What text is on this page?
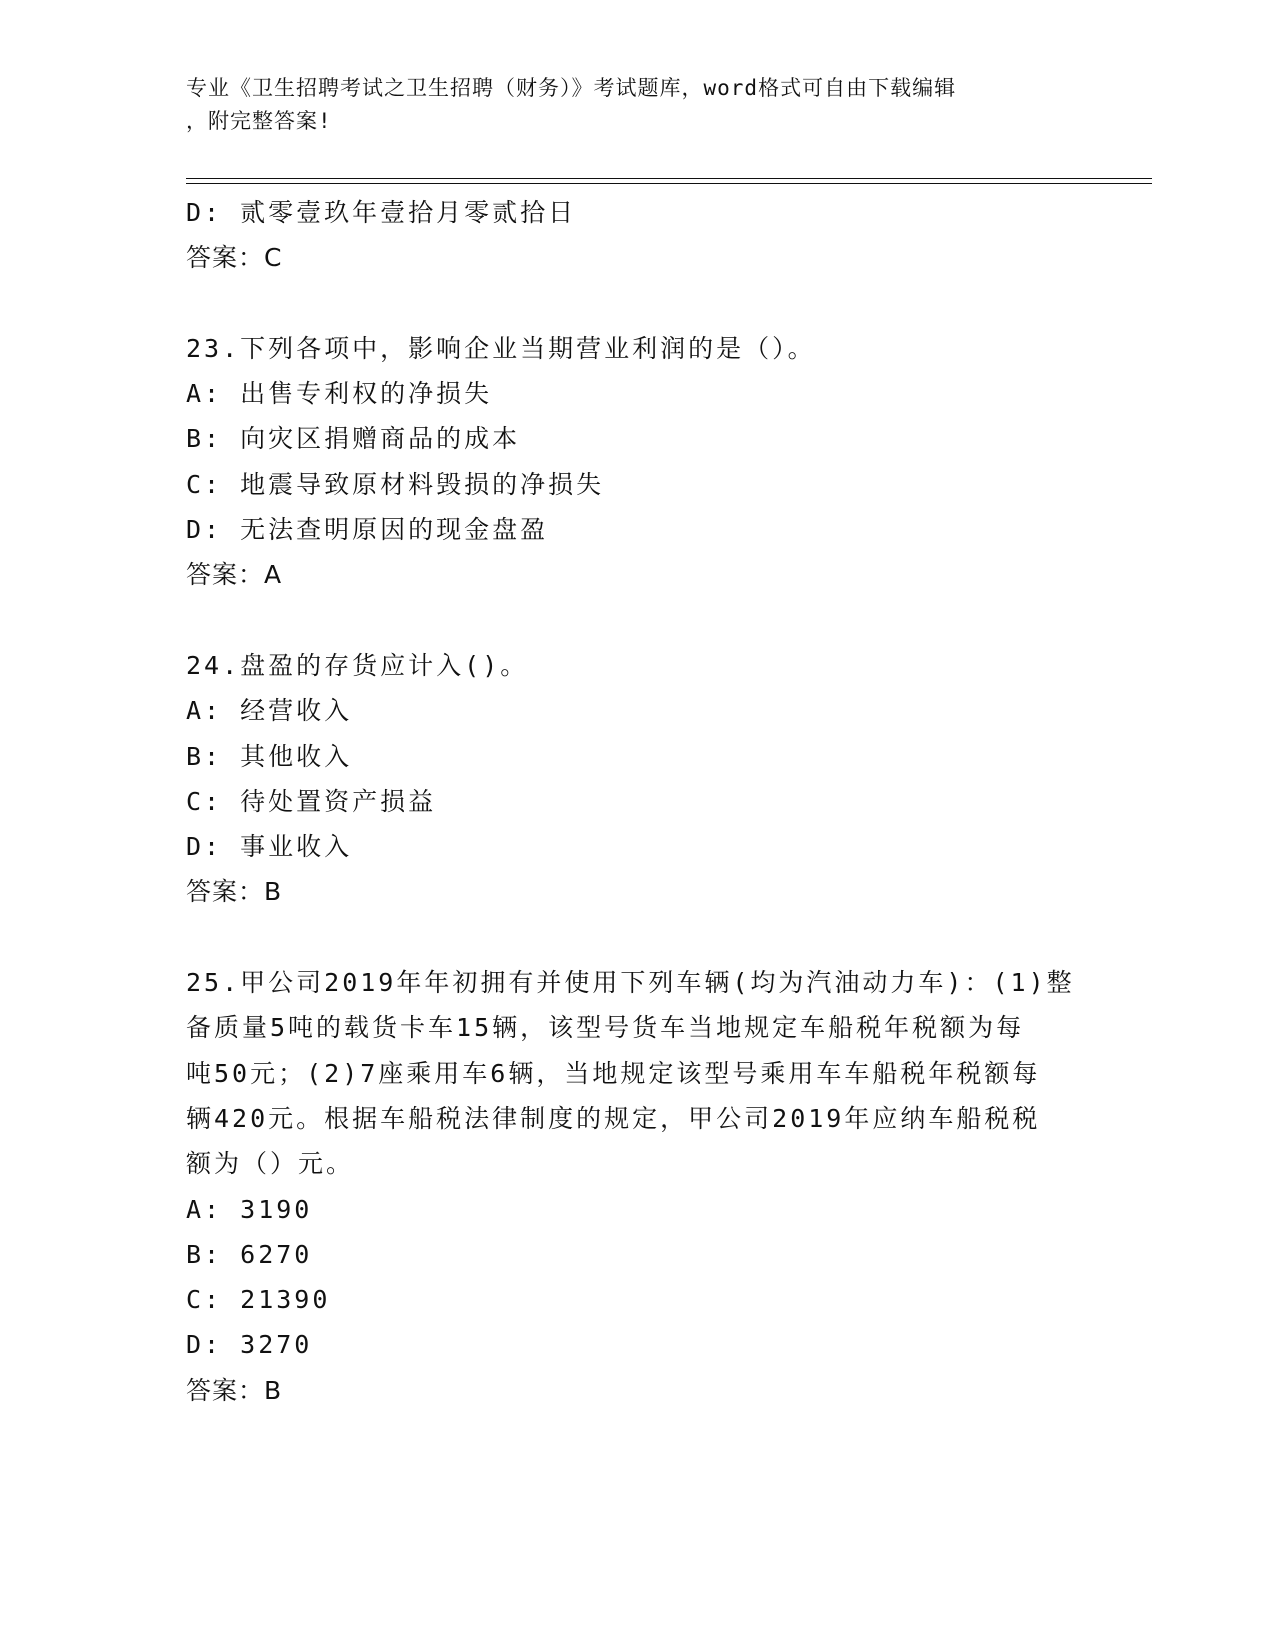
专业《卫生招聘考试之卫生招聘（财务）》考试题库，word格式可自由下载编辑
，附完整答案!
D: 贰零壹玖年壹拾月零贰拾日
答案：C
23.下列各项中，影响企业当期营业利润的是（）。
A: 出售专利权的净损失
B: 向灾区捐赠商品的成本
C: 地震导致原材料毁损的净损失
D: 无法查明原因的现金盘盈
答案：A
24.盘盈的存货应计入()。
A: 经营收入
B: 其他收入
C: 待处置资产损益
D: 事业收入
答案：B
25.甲公司2019年年初拥有并使用下列车辆(均为汽油动力车)：(1)整
备质量5吨的载货卡车15辆，该型号货车当地规定车船税年税额为每
吨50元；(2)7座乘用车6辆，当地规定该型号乘用车车船税年税额每
辆420元。根据车船税法律制度的规定，甲公司2019年应纳车船税税
额为（）元。
A: 3190
B: 6270
C: 21390
D: 3270
答案：B
